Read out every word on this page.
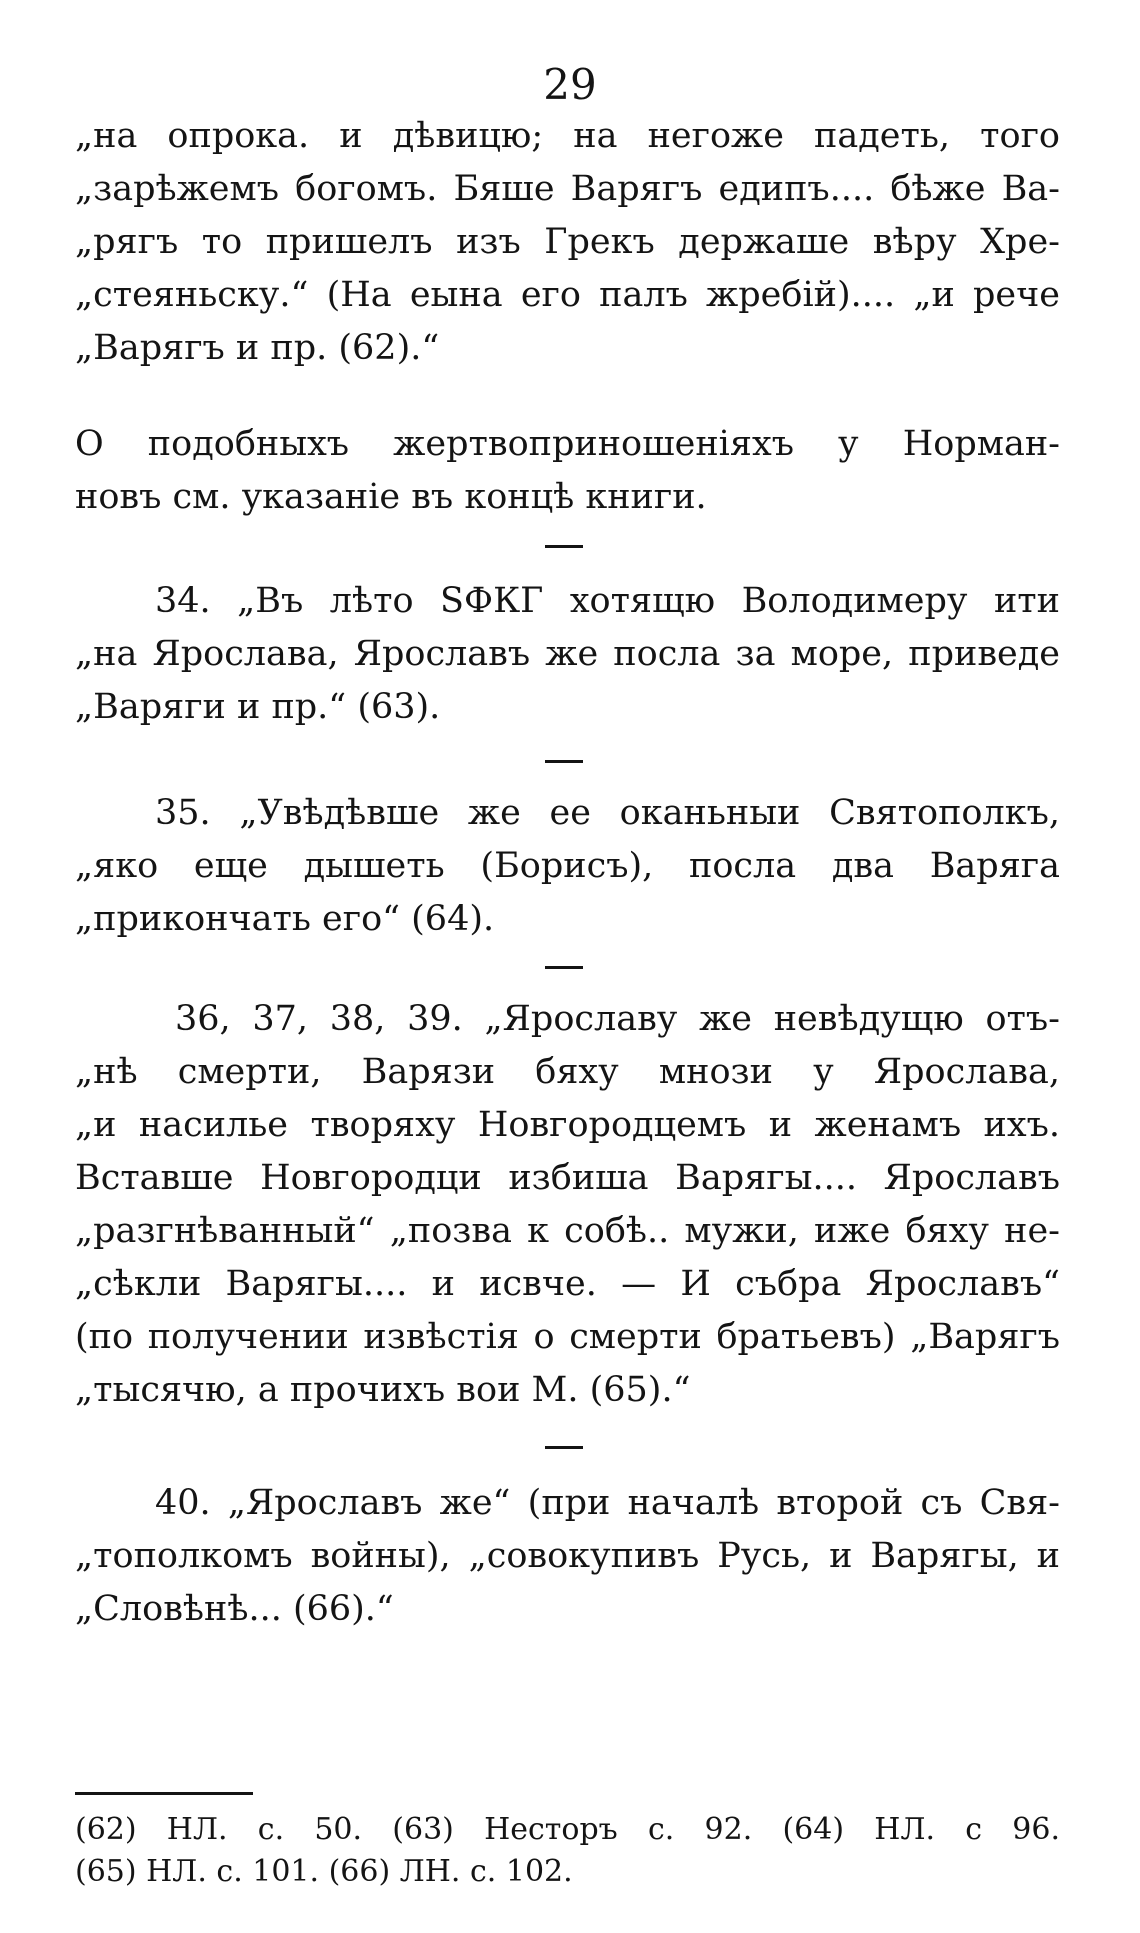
29
„на опрока. и дѣвицю; на негоже падеть, того
„зарѣжемъ богомъ. Бяше Варягъ едипъ.... бѣже Ва-
„рягъ то пришелъ изъ Грекъ держаше вѣру Хре-
„стеяньску.“ (На еына его палъ жребій).... „и рече
„Варягъ и пр. (62).“
О подобныхъ жертвоприношеніяхъ у Норман-
новъ см. указаніе въ концѣ книги.
34. „Въ лѣто SФКГ хотящю Володимеру ити
„на Ярослава, Ярославъ же посла за море, приведе
„Варяги и пр.“ (63).
35. „Увѣдѣвше же ее оканьныи Святополкъ,
„яко еще дышеть (Борисъ), посла два Варяга
„прикончать его“ (64).
36, 37, 38, 39. „Ярославу же невѣдущю отъ-
„нѣ смерти, Варязи бяху мнози у Ярослава,
„и насилье творяху Новгородцемъ и женамъ ихъ.
Вставше Новгородци избиша Варягы.... Ярославъ
„разгнѣванный“ „позва к собѣ.. мужи, иже бяху не-
„сѣкли Варягы.... и исвче. — И събра Ярославъ“
(по получении извѣстія о смерти братьевъ) „Варягъ
„тысячю, а прочихъ вои М. (65).“
40. „Ярославъ же“ (при началѣ второй съ Свя-
„тополкомъ войны), „совокупивъ Русь, и Варягы, и
„Словѣнѣ... (66).“
(62) НЛ. с. 50. (63) Несторъ с. 92. (64) НЛ. с 96.
(65) НЛ. с. 101. (66) ЛН. с. 102.
